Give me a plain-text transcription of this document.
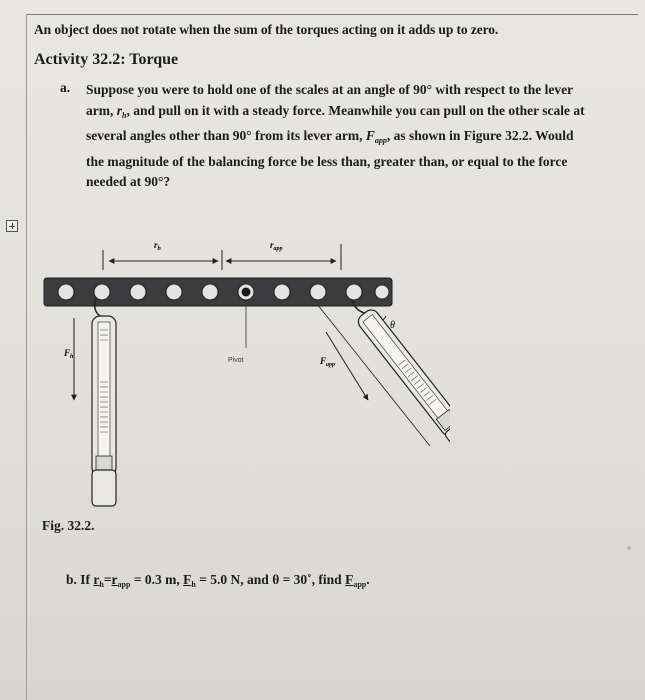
An object does not rotate when the sum of the torques acting on it adds up to zero.
Activity 32.2: Torque
a. Suppose you were to hold one of the scales at an angle of 90° with respect to the lever
arm, $r_h$, and pull on it with a steady force. Meanwhile you can pull on the other scale at
several angles other than 90° from its lever arm, $F_{app}$, as shown in Figure 32.2. Would
the magnitude of the balancing force be less than, greater than, or equal to the force
needed at 90°?
$r_h$	$r_{app}$
Pivot
$F_h$
θ
$F_{app}$
Fig. 32.2.
b. If $r_h=r_{app} = 0.3$ m, $F_h = 5.0$ N, and θ = 30˚, find $F_{app}$.
